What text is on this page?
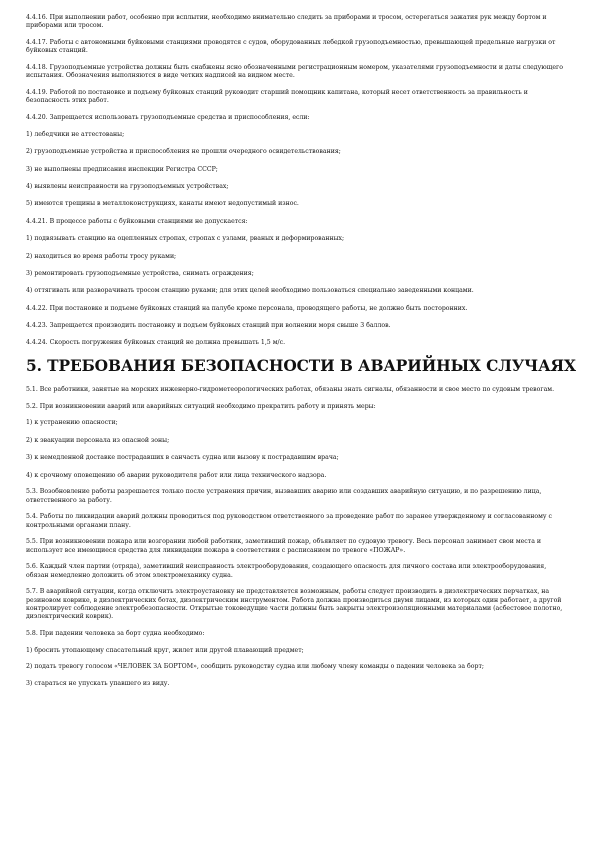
4.4.16. При выполнении работ, особенно при всплытии, необходимо внимательно следить за приборами и тросом, остерегаться зажатия рук между бортом и приборами или тросом.

4.4.17. Работы с автономными буйковыми станциями проводятся с судов, оборудованных лебедкой грузоподъемностью, превышающей предельные нагрузки от буйковых станций.

4.4.18. Грузоподъемные устройства должны быть снабжены ясно обозначенными регистрационным номером, указателями грузоподъемности и даты следующего испытания. Обозначения выполняются в виде четких надписей на видном месте.

4.4.19. Работой по постановке и подъему буйковых станций руководит старший помощник капитана, который несет ответственность за правильность и безопасность этих работ.

4.4.20. Запрещается использовать грузоподъемные средства и приспособления, если:

1) лебедчики не аттестованы;

2) грузоподъемные устройства и приспособления не прошли очередного освидетельствования;

3) не выполнены предписания инспекции Регистра СССР;

4) выявлены неисправности на грузоподъемных устройствах;

5) имеются трещины в металлоконструкциях, канаты имеют недопустимый износ.

4.4.21. В процессе работы с буйковыми станциями не допускается:

1) подвязывать станцию на оцепленных стропах, стропах с узлами, рваных и деформированных;

2) находиться во время работы тросу руками;

3) ремонтировать грузоподъемные устройства, снимать ограждения;

4) оттягивать или разворачивать тросом станцию руками; для этих целей необходимо пользоваться специально заведенными концами.

4.4.22. При постановке и подъеме буйковых станций на палубе кроме персонала, проводящего работы, не должно быть посторонних.

4.4.23. Запрещается производить постановку и подъем буйковых станций при волнении моря свыше 3 баллов.

4.4.24. Скорость погружения буйковых станций не должна превышать 1,5 м/с.

5. ТРЕБОВАНИЯ БЕЗОПАСНОСТИ В АВАРИЙНЫХ СЛУЧАЯХ

5.1. Все работники, занятые на морских инженерно-гидрометеорологических работах, обязаны знать сигналы, обязанности и свое место по судовым тревогам.

5.2. При возникновении аварий или аварийных ситуаций необходимо прекратить работу и принять меры:

1) к устранению опасности;

2) к эвакуации персонала из опасной зоны;

3) к немедленной доставке пострадавших в санчасть судна или вызову к пострадавшим врача;

4) к срочному оповещению об аварии руководителя работ или лица технического надзора.

5.3. Возобновление работы разрешается только после устранения причин, вызвавших аварию или создавших аварийную ситуацию, и по разрешению лица, ответственного за работу.

5.4. Работы по ликвидации аварий должны проводиться под руководством ответственного за проведение работ по заранее утвержденному и согласованному с контрольными органами плану.

5.5. При возникновении пожара или возгорании любой работник, заметивший пожар, объявляет по судовую тревогу. Весь персонал занимает свои места и использует все имеющиеся средства для ликвидации пожара в соответствии с расписанием по тревоге «ПОЖАР».

5.6. Каждый член партии (отряда), заметивший неисправность электрооборудования, создающего опасность для личного состава или электрооборудования, обязан немедленно доложить об этом электромеханику судна.

5.7. В аварийной ситуации, когда отключить электроустановку не представляется возможным, работы следует производить в диэлектрических перчатках, на резиновом коврике, в диэлектрических ботах, диэлектрическим инструментом. Работа должна производиться двумя лицами, из которых один работает, а другой контролирует соблюдение электробезопасности. Открытые токоведущие части должны быть закрыты электроизоляционными материалами (асбестовое полотно, диэлектрический коврик).

5.8. При падении человека за борт судна необходимо:

1) бросить утопающему спасательный круг, жилет или другой плавающий предмет;

2) подать тревогу голосом «ЧЕЛОВЕК ЗА БОРТОМ», сообщить руководству судна или любому члену команды о падении человека за борт;

3) стараться не упускать упавшего из виду.
